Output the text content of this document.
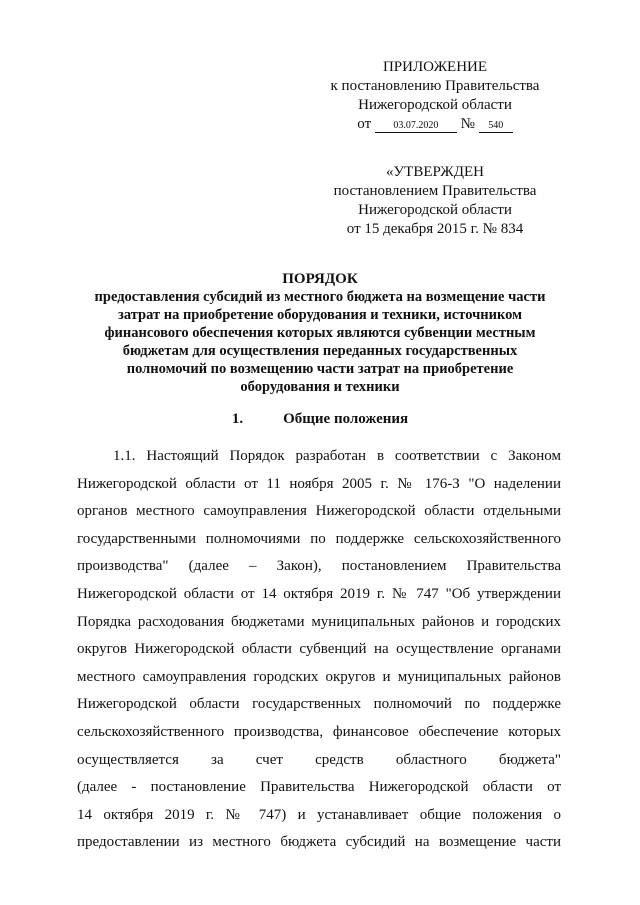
ПРИЛОЖЕНИЕ
к постановлению Правительства
Нижегородской области
от 03.07.2020 № 540
«УТВЕРЖДЕН
постановлением Правительства
Нижегородской области
от 15 декабря 2015 г. № 834
ПОРЯДОК
предоставления субсидий из местного бюджета на возмещение части
затрат на приобретение оборудования и техники, источником
финансового обеспечения которых являются субвенции местным
бюджетам для осуществления переданных государственных
полномочий по возмещению части затрат на приобретение
оборудования и техники
1.	Общие положения
1.1. Настоящий Порядок разработан в соответствии с Законом
Нижегородской области от 11 ноября 2005 г. № 176-З "О наделении
органов местного самоуправления Нижегородской области отдельными
государственными полномочиями по поддержке сельскохозяйственного
производства" (далее – Закон), постановлением Правительства
Нижегородской области от 14 октября 2019 г. № 747 "Об утверждении
Порядка расходования бюджетами муниципальных районов и городских
округов Нижегородской области субвенций на осуществление органами
местного самоуправления городских округов и муниципальных районов
Нижегородской области государственных полномочий по поддержке
сельскохозяйственного производства, финансовое обеспечение которых
осуществляется за счет средств областного бюджета"
(далее - постановление Правительства Нижегородской области от
14 октября 2019 г. № 747) и устанавливает общие положения о
предоставлении из местного бюджета субсидий на возмещение части
